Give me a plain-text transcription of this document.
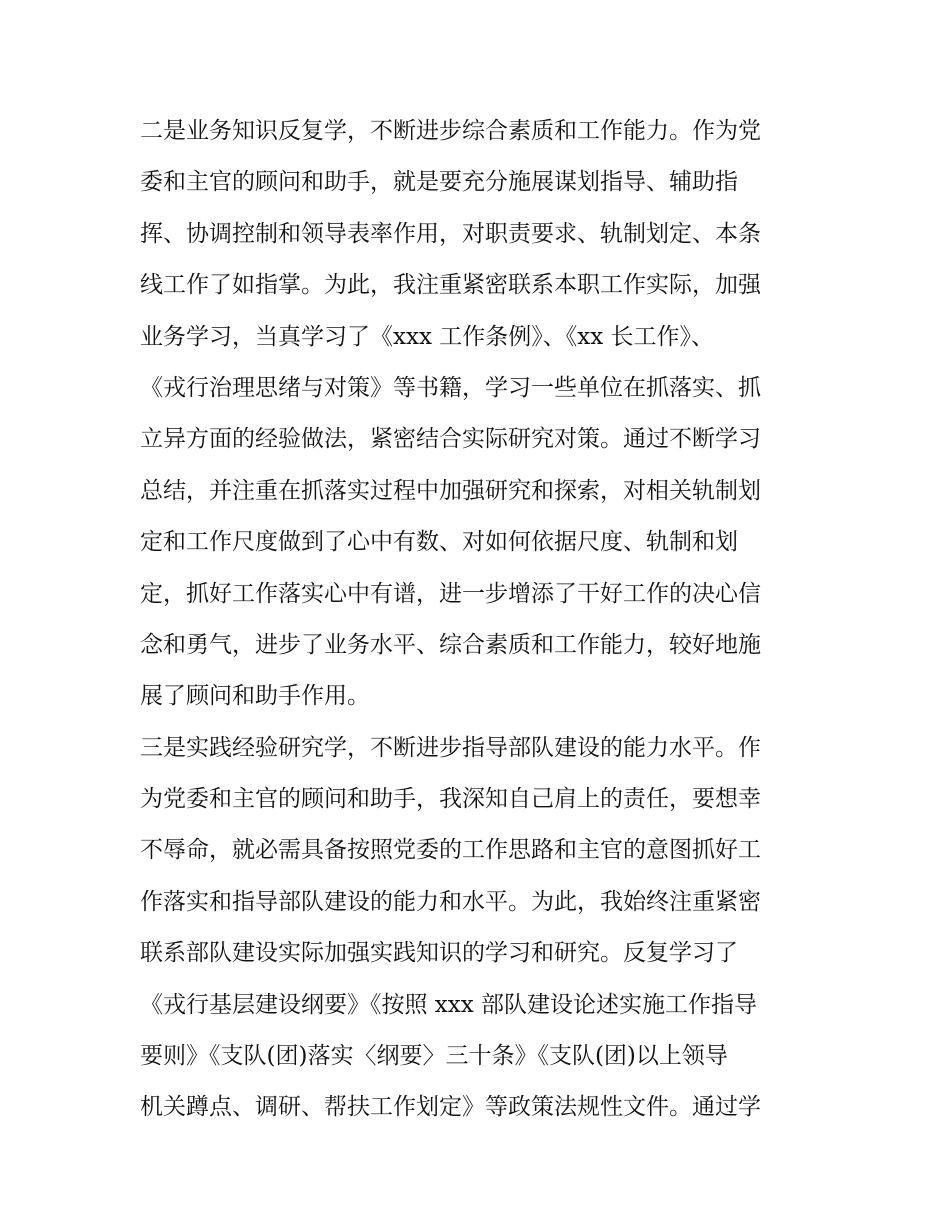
二是业务知识反复学，不断进步综合素质和工作能力。作为党
委和主官的顾问和助手，就是要充分施展谋划指导、辅助指
挥、协调控制和领导表率作用，对职责要求、轨制划定、本条
线工作了如指掌。为此，我注重紧密联系本职工作实际，加强
业务学习，当真学习了《xxx 工作条例》、《xx 长工作》、
《戎行治理思绪与对策》等书籍，学习一些单位在抓落实、抓
立异方面的经验做法，紧密结合实际研究对策。通过不断学习
总结，并注重在抓落实过程中加强研究和探索，对相关轨制划
定和工作尺度做到了心中有数、对如何依据尺度、轨制和划
定，抓好工作落实心中有谱，进一步增添了干好工作的决心信
念和勇气，进步了业务水平、综合素质和工作能力，较好地施
展了顾问和助手作用。
三是实践经验研究学，不断进步指导部队建设的能力水平。作
为党委和主官的顾问和助手，我深知自己肩上的责任，要想幸
不辱命，就必需具备按照党委的工作思路和主官的意图抓好工
作落实和指导部队建设的能力和水平。为此，我始终注重紧密
联系部队建设实际加强实践知识的学习和研究。反复学习了
《戎行基层建设纲要》《按照 xxx 部队建设论述实施工作指导
要则》《支队(团)落实〈纲要〉三十条》《支队(团)以上领导
机关蹲点、调研、帮扶工作划定》等政策法规性文件。通过学
